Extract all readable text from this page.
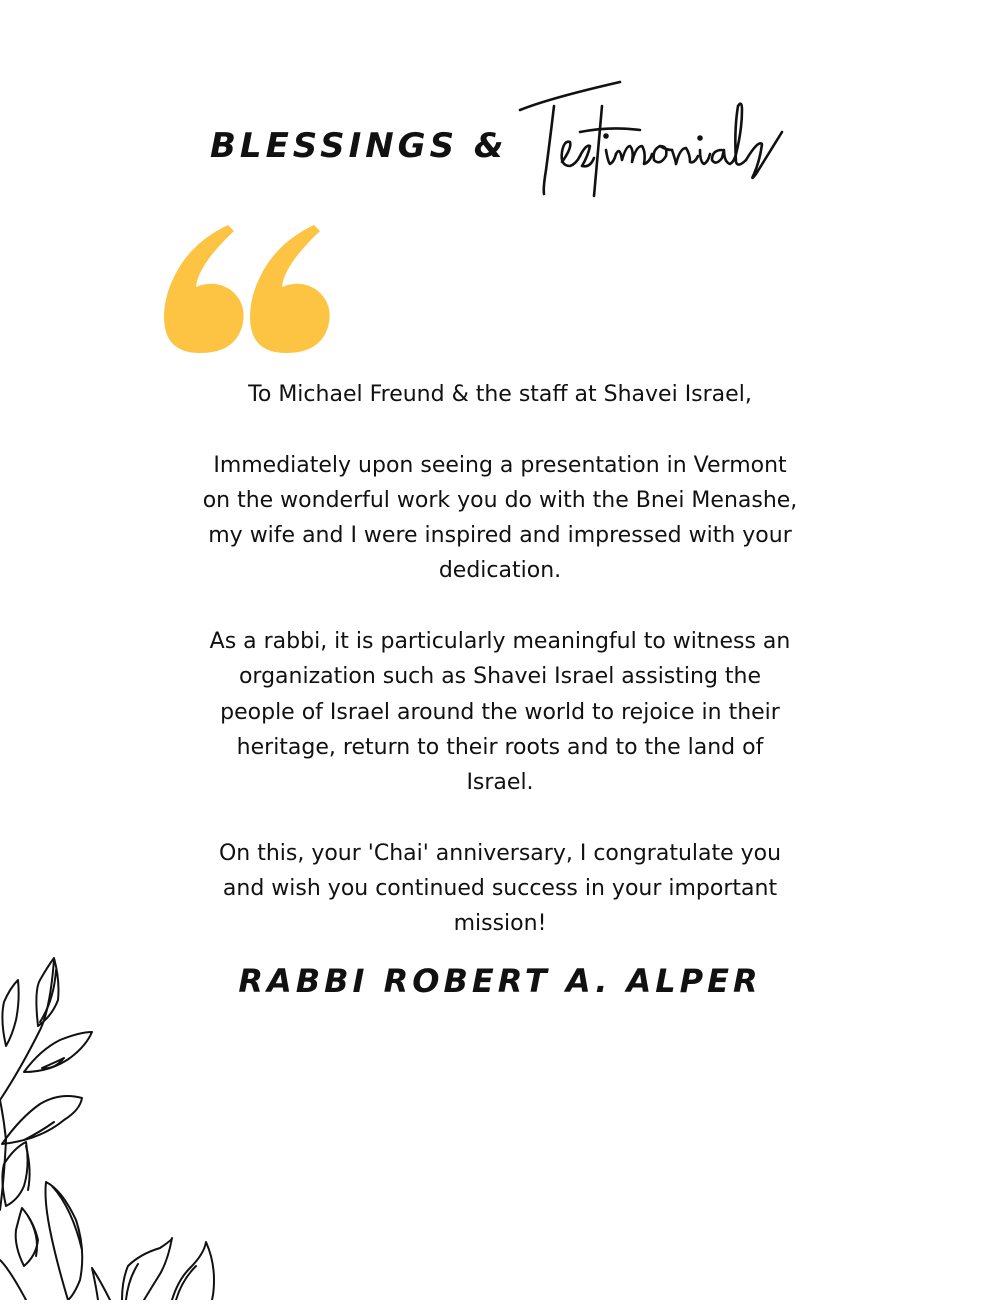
BLESSINGS &

To Michael Freund & the staff at Shavei Israel,

Immediately upon seeing a presentation in Vermont on the wonderful work you do with the Bnei Menashe, my wife and I were inspired and impressed with your dedication.

As a rabbi, it is particularly meaningful to witness an organization such as Shavei Israel assisting the people of Israel around the world to rejoice in their heritage, return to their roots and to the land of Israel.

On this, your 'Chai' anniversary, I congratulate you and wish you continued success in your important mission!

RABBI ROBERT A. ALPER
